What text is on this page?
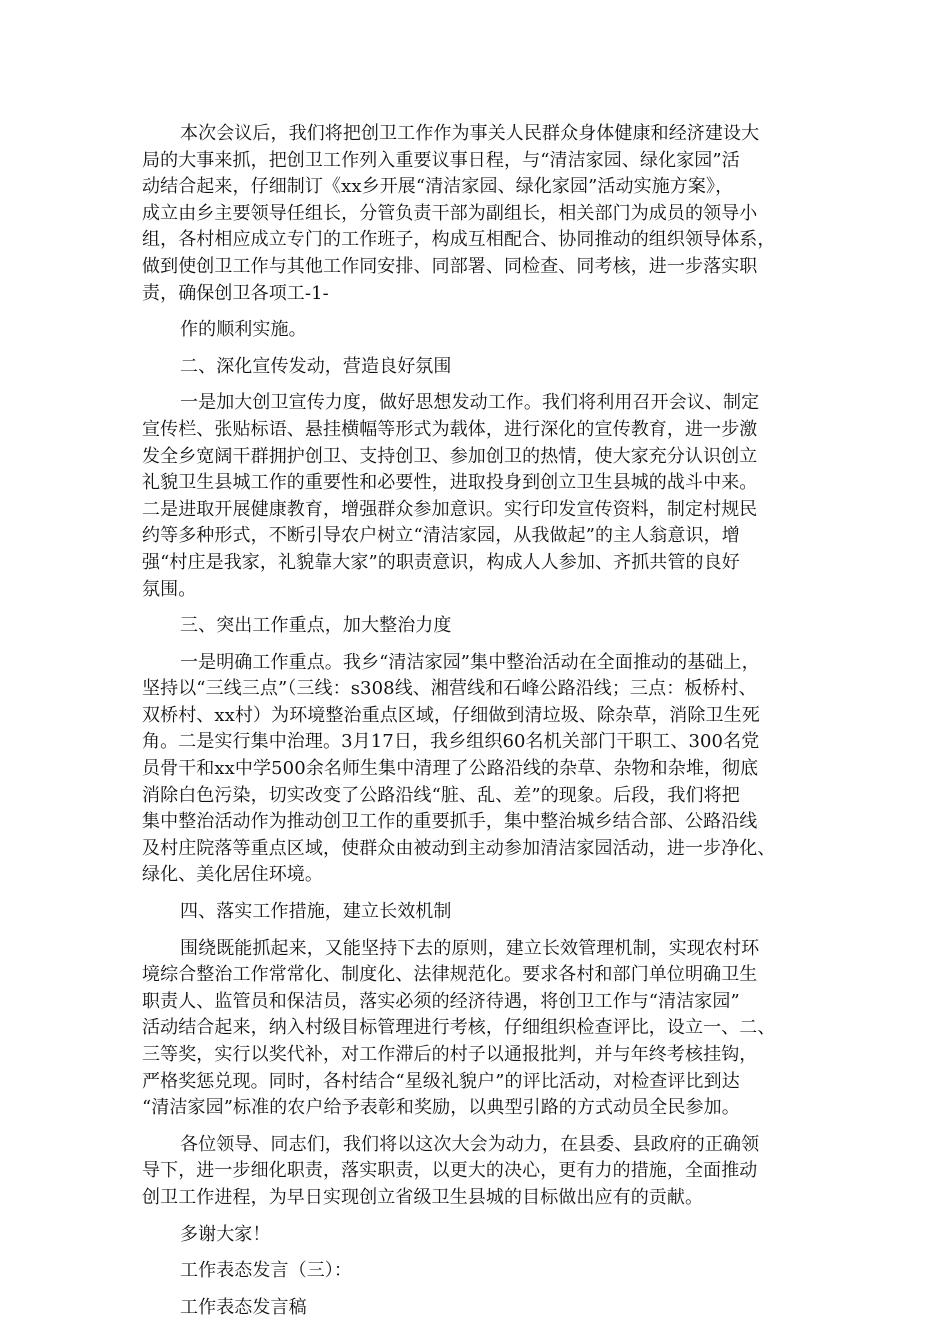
本次会议后，我们将把创卫工作作为事关人民群众身体健康和经济建设大
局的大事来抓，把创卫工作列入重要议事日程，与“清洁家园、绿化家园”活
动结合起来，仔细制订《xx乡开展“清洁家园、绿化家园”活动实施方案》，
成立由乡主要领导任组长，分管负责干部为副组长，相关部门为成员的领导小
组，各村相应成立专门的工作班子，构成互相配合、协同推动的组织领导体系，
做到使创卫工作与其他工作同安排、同部署、同检查、同考核，进一步落实职
责，确保创卫各项工-1-
作的顺利实施。
二、深化宣传发动，营造良好氛围
一是加大创卫宣传力度，做好思想发动工作。我们将利用召开会议、制定
宣传栏、张贴标语、悬挂横幅等形式为载体，进行深化的宣传教育，进一步激
发全乡宽阔干群拥护创卫、支持创卫、参加创卫的热情，使大家充分认识创立
礼貌卫生县城工作的重要性和必要性，进取投身到创立卫生县城的战斗中来。
二是进取开展健康教育，增强群众参加意识。实行印发宣传资料，制定村规民
约等多种形式，不断引导农户树立“清洁家园，从我做起”的主人翁意识，增
强“村庄是我家，礼貌靠大家”的职责意识，构成人人参加、齐抓共管的良好
氛围。
三、突出工作重点，加大整治力度
一是明确工作重点。我乡“清洁家园”集中整治活动在全面推动的基础上，
坚持以“三线三点”（三线：s308线、湘营线和石峰公路沿线；三点：板桥村、
双桥村、xx村）为环境整治重点区域，仔细做到清垃圾、除杂草，消除卫生死
角。二是实行集中治理。3月17日，我乡组织60名机关部门干职工、300名党
员骨干和xx中学500余名师生集中清理了公路沿线的杂草、杂物和杂堆，彻底
消除白色污染，切实改变了公路沿线“脏、乱、差”的现象。后段，我们将把
集中整治活动作为推动创卫工作的重要抓手，集中整治城乡结合部、公路沿线
及村庄院落等重点区域，使群众由被动到主动参加清洁家园活动，进一步净化、
绿化、美化居住环境。
四、落实工作措施，建立长效机制
围绕既能抓起来，又能坚持下去的原则，建立长效管理机制，实现农村环
境综合整治工作常常化、制度化、法律规范化。要求各村和部门单位明确卫生
职责人、监管员和保洁员，落实必须的经济待遇，将创卫工作与“清洁家园”
活动结合起来，纳入村级目标管理进行考核，仔细组织检查评比，设立一、二、
三等奖，实行以奖代补，对工作滞后的村子以通报批判，并与年终考核挂钩，
严格奖惩兑现。同时，各村结合“星级礼貌户”的评比活动，对检查评比到达
“清洁家园”标准的农户给予表彰和奖励，以典型引路的方式动员全民参加。
各位领导、同志们，我们将以这次大会为动力，在县委、县政府的正确领
导下，进一步细化职责，落实职责，以更大的决心，更有力的措施，全面推动
创卫工作进程，为早日实现创立省级卫生县城的目标做出应有的贡献。
多谢大家！
工作表态发言（三）：
工作表态发言稿
